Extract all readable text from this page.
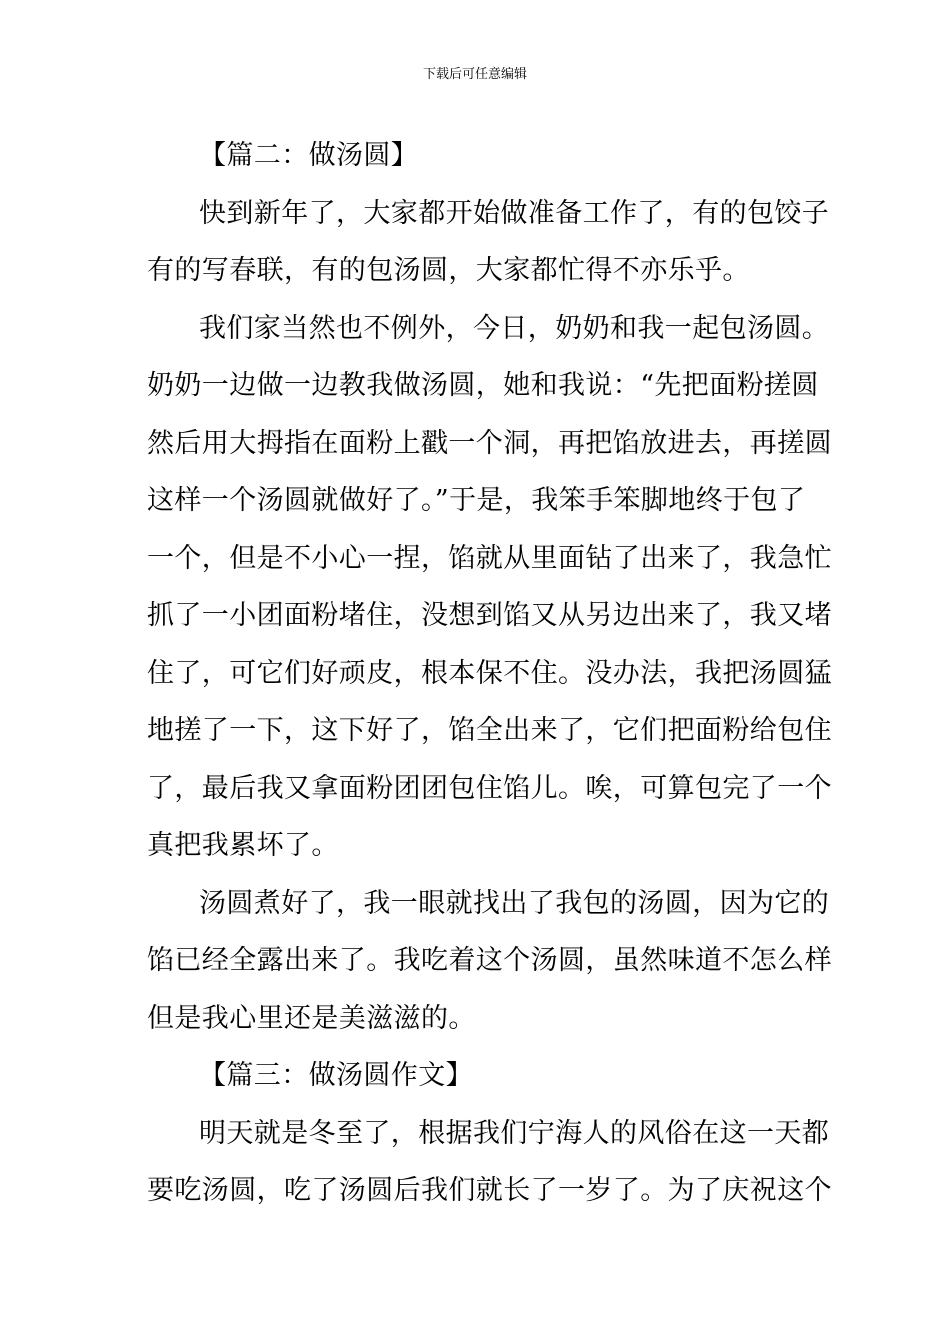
下载后可任意编辑
【篇二：做汤圆】
快到新年了，大家都开始做准备工作了，有的包饺子
有的写春联，有的包汤圆，大家都忙得不亦乐乎。
我们家当然也不例外，今日，奶奶和我一起包汤圆。
奶奶一边做一边教我做汤圆，她和我说：“先把面粉搓圆
然后用大拇指在面粉上戳一个洞，再把馅放进去，再搓圆
这样一个汤圆就做好了。”于是，我笨手笨脚地终于包了
一个，但是不小心一捏，馅就从里面钻了出来了，我急忙
抓了一小团面粉堵住，没想到馅又从另边出来了，我又堵
住了，可它们好顽皮，根本保不住。没办法，我把汤圆猛
地搓了一下，这下好了，馅全出来了，它们把面粉给包住
了，最后我又拿面粉团团包住馅儿。唉，可算包完了一个
真把我累坏了。
汤圆煮好了，我一眼就找出了我包的汤圆，因为它的
馅已经全露出来了。我吃着这个汤圆，虽然味道不怎么样
但是我心里还是美滋滋的。
【篇三：做汤圆作文】
明天就是冬至了，根据我们宁海人的风俗在这一天都
要吃汤圆，吃了汤圆后我们就长了一岁了。为了庆祝这个
